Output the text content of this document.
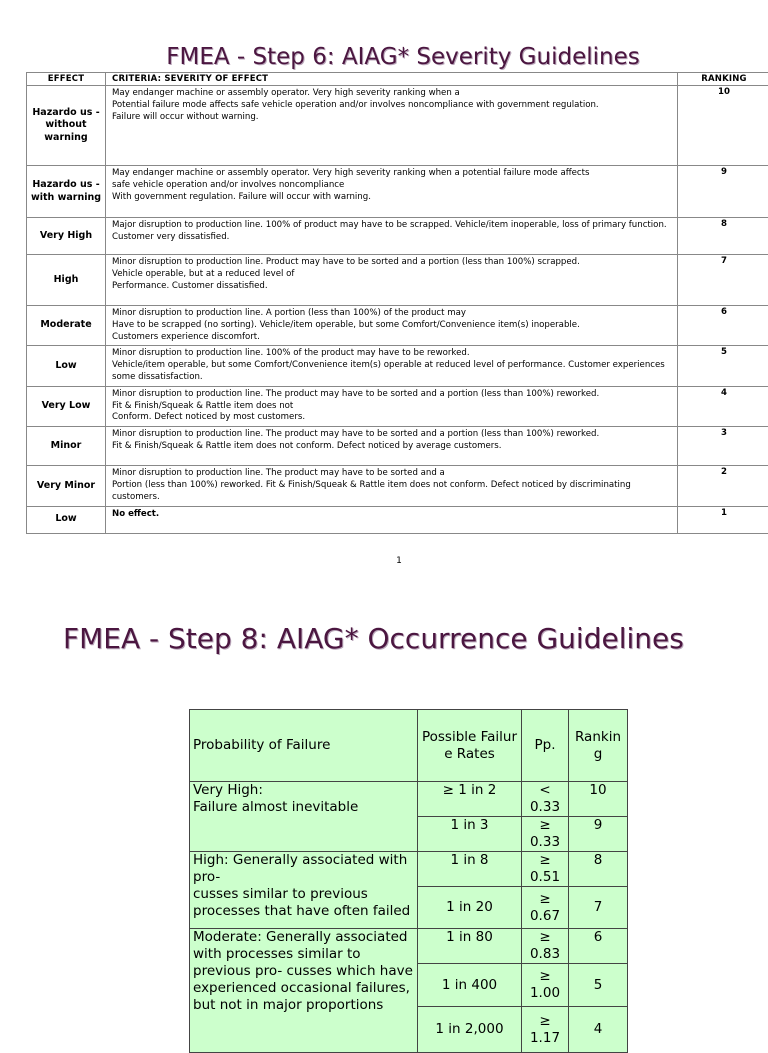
FMEA - Step 6: AIAG* Severity Guidelines
EFFECT	CRITERIA: SEVERITY OF EFFECT	RANKING
Hazardo us - without warning	May endanger machine or assembly operator. Very high severity ranking when a
Potential failure mode affects safe vehicle operation and/or involves noncompliance with government regulation.
Failure will occur without warning.	10
Hazardo us - with warning	May endanger machine or assembly operator. Very high severity ranking when a potential failure mode affects
safe vehicle operation and/or involves noncompliance
With government regulation. Failure will occur with warning.	9
Very High	Major disruption to production line. 100% of product may have to be scrapped. Vehicle/item inoperable, loss of primary function. Customer very dissatisfied.	8
High	Minor disruption to production line. Product may have to be sorted and a portion (less than 100%) scrapped.
Vehicle operable, but at a reduced level of
Performance. Customer dissatisfied.	7
Moderate	Minor disruption to production line. A portion (less than 100%) of the product may
Have to be scrapped (no sorting). Vehicle/item operable, but some Comfort/Convenience item(s) inoperable.
Customers experience discomfort.	6
Low	Minor disruption to production line. 100% of the product may have to be reworked.
Vehicle/item operable, but some Comfort/Convenience item(s) operable at reduced level of performance. Customer experiences some dissatisfaction.	5
Very Low	Minor disruption to production line. The product may have to be sorted and a portion (less than 100%) reworked.
Fit & Finish/Squeak & Rattle item does not
Conform. Defect noticed by most customers.	4
Minor	Minor disruption to production line. The product may have to be sorted and a portion (less than 100%) reworked.
Fit & Finish/Squeak & Rattle item does not conform. Defect noticed by average customers.	3
Very Minor	Minor disruption to production line. The product may have to be sorted and a
Portion (less than 100%) reworked. Fit & Finish/Squeak & Rattle item does not conform. Defect noticed by discriminating customers.	2
Low	No effect.	1
1
FMEA - Step 8: AIAG* Occurrence Guidelines
Probability of Failure	Possible Failur e Rates	Pp.	Rankin g
Very High:
Failure almost inevitable	≥ 1 in 2	< 0.33	10
	1 in 3	≥ 0.33	9
High: Generally associated with pro-
cusses similar to previous processes that have often failed	1 in 8	≥ 0.51	8
	1 in 20	≥ 0.67	7
Moderate: Generally associated with processes similar to previous pro- cusses which have experienced occasional failures, but not in major proportions	1 in 80	≥ 0.83	6
	1 in 400	≥ 1.00	5
	1 in 2,000	≥ 1.17	4
